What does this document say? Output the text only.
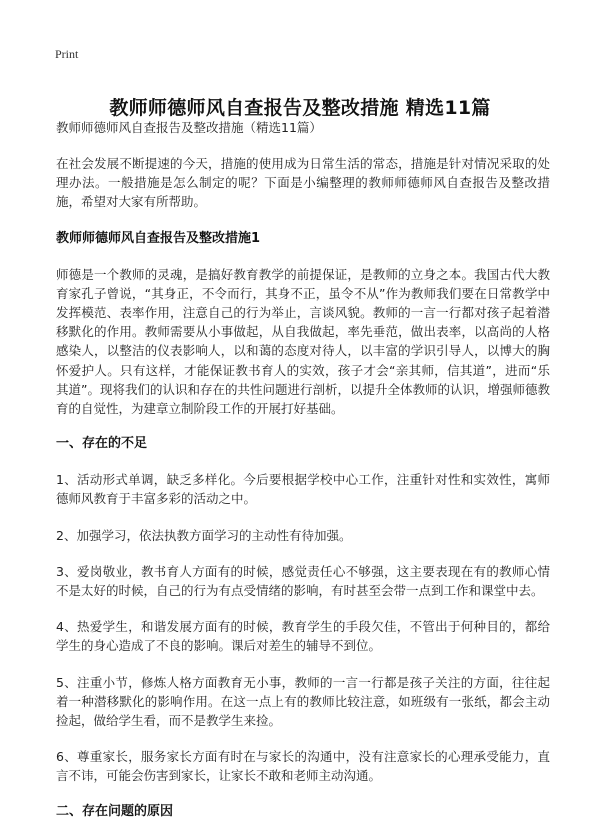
Print
教师师德师风自查报告及整改措施 精选11篇

教师师德师风自查报告及整改措施（精选11篇）

在社会发展不断提速的今天，措施的使用成为日常生活的常态，措施是针对情况采取的处理办法。一般措施是怎么制定的呢？下面是小编整理的教师师德师风自查报告及整改措施，希望对大家有所帮助。

教师师德师风自查报告及整改措施1

师德是一个教师的灵魂，是搞好教育教学的前提保证，是教师的立身之本。我国古代大教育家孔子曾说，“其身正，不令而行，其身不正，虽令不从”作为教师我们要在日常教学中发挥模范、表率作用，注意自己的行为举止，言谈风貌。教师的一言一行都对孩子起着潜移默化的作用。教师需要从小事做起，从自我做起，率先垂范，做出表率，以高尚的人格感染人，以整洁的仪表影响人，以和蔼的态度对待人，以丰富的学识引导人，以博大的胸怀爱护人。只有这样，才能保证教书育人的实效，孩子才会“亲其师，信其道”，进而“乐其道”。现将我们的认识和存在的共性问题进行剖析，以提升全体教师的认识，增强师德教育的自觉性，为建章立制阶段工作的开展打好基础。

一、存在的不足

1、活动形式单调，缺乏多样化。今后要根据学校中心工作，注重针对性和实效性，寓师德师风教育于丰富多彩的活动之中。

2、加强学习，依法执教方面学习的主动性有待加强。

3、爱岗敬业，教书育人方面有的时候，感觉责任心不够强，这主要表现在有的教师心情不是太好的时候，自己的行为有点受情绪的影响，有时甚至会带一点到工作和课堂中去。

4、热爱学生，和谐发展方面有的时候，教育学生的手段欠佳，不管出于何种目的，都给学生的身心造成了不良的影响。课后对差生的辅导不到位。

5、注重小节，修炼人格方面教育无小事，教师的一言一行都是孩子关注的方面，往往起着一种潜移默化的影响作用。在这一点上有的教师比较注意，如班级有一张纸，都会主动捡起，做给学生看，而不是教学生来捡。

6、尊重家长，服务家长方面有时在与家长的沟通中，没有注意家长的心理承受能力，直言不讳，可能会伤害到家长，让家长不敢和老师主动沟通。

二、存在问题的原因
